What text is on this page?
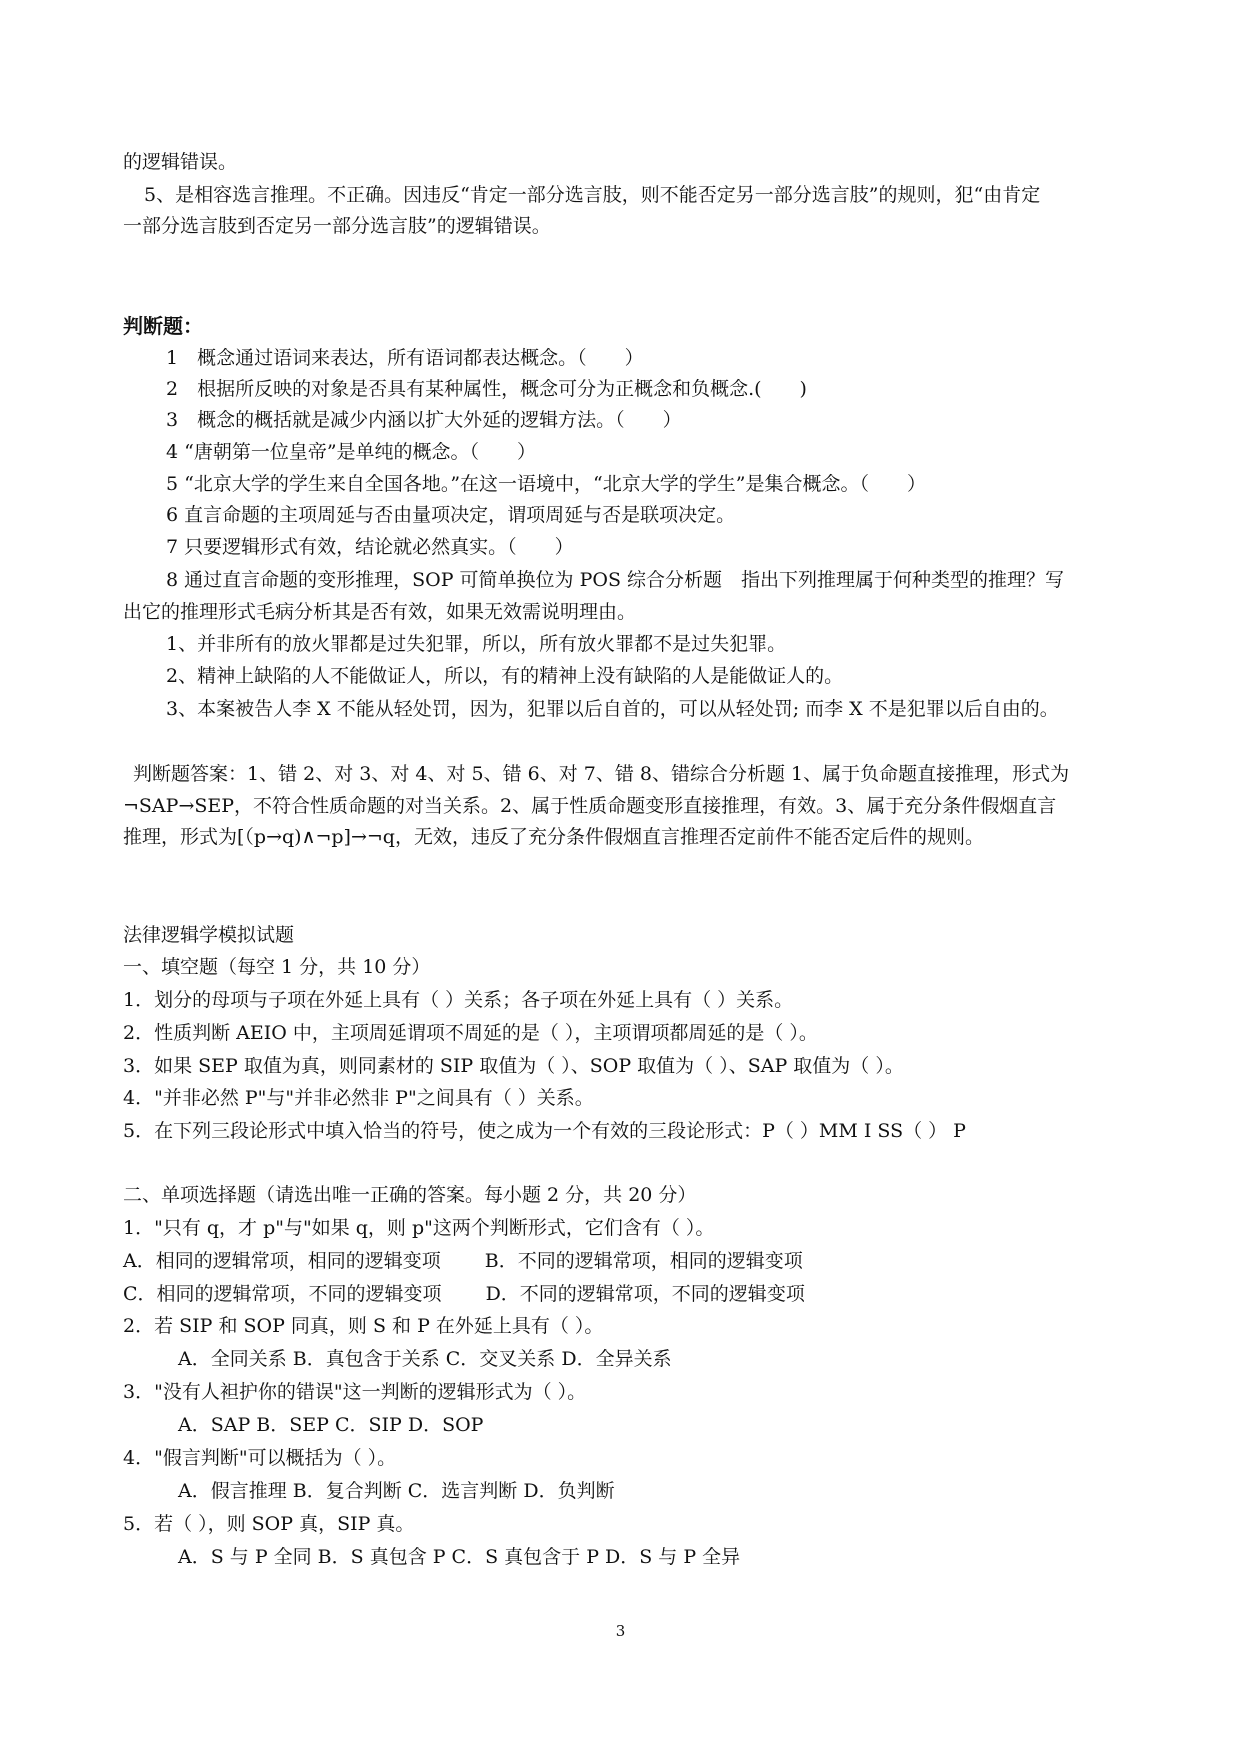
的逻辑错误。
5、是相容选言推理。不正确。因违反“肯定一部分选言肢，则不能否定另一部分选言肢”的规则，犯“由肯定
一部分选言肢到否定另一部分选言肢”的逻辑错误。
判断题：
1　概念通过语词来表达，所有语词都表达概念。（　　）
2　根据所反映的对象是否具有某种属性，概念可分为正概念和负概念.(　　)
3　概念的概括就是减少内涵以扩大外延的逻辑方法。（　　）
4 “唐朝第一位皇帝”是单纯的概念。（　　）
5 “北京大学的学生来自全国各地。”在这一语境中，“北京大学的学生”是集合概念。（　　）
6 直言命题的主项周延与否由量项决定，谓项周延与否是联项决定。
7 只要逻辑形式有效，结论就必然真实。（　　）
8 通过直言命题的变形推理，SOP 可简单换位为 POS 综合分析题　指出下列推理属于何种类型的推理？写
出它的推理形式毛病分析其是否有效，如果无效需说明理由。
1、并非所有的放火罪都是过失犯罪，所以，所有放火罪都不是过失犯罪。
2、精神上缺陷的人不能做证人，所以，有的精神上没有缺陷的人是能做证人的。
3、本案被告人李 X 不能从轻处罚，因为，犯罪以后自首的，可以从轻处罚; 而李 X 不是犯罪以后自由的。
判断题答案：1、错 2、对 3、对 4、对 5、错 6、对 7、错 8、错综合分析题 1、属于负命题直接推理，形式为
¬SAP→SEP，不符合性质命题的对当关系。2、属于性质命题变形直接推理，有效。3、属于充分条件假烟直言
推理，形式为[（p→q)∧¬p]→¬q，无效，违反了充分条件假烟直言推理否定前件不能否定后件的规则。
法律逻辑学模拟试题
一、填空题（每空 1 分，共 10 分）
1．划分的母项与子项在外延上具有（ ）关系；各子项在外延上具有（ ）关系。
2．性质判断 AEIO 中，主项周延谓项不周延的是（ ），主项谓项都周延的是（ ）。
3．如果 SEP 取值为真，则同素材的 SIP 取值为（ ）、SOP 取值为（ ）、SAP 取值为（ ）。
4．"并非必然 P"与"并非必然非 P"之间具有（ ）关系。
5．在下列三段论形式中填入恰当的符号，使之成为一个有效的三段论形式：P（ ）MM I SS（ ） P
二、单项选择题（请选出唯一正确的答案。每小题 2 分，共 20 分）
1．"只有 q，才 p"与"如果 q，则 p"这两个判断形式，它们含有（ ）。
A．相同的逻辑常项，相同的逻辑变项　　 B．不同的逻辑常项，相同的逻辑变项
C．相同的逻辑常项，不同的逻辑变项　　 D．不同的逻辑常项，不同的逻辑变项
2．若 SIP 和 SOP 同真，则 S 和 P 在外延上具有（ ）。
A．全同关系 B．真包含于关系 C．交叉关系 D．全异关系
3．"没有人袒护你的错误"这一判断的逻辑形式为（ ）。
A．SAP B．SEP C．SIP D．SOP
4．"假言判断"可以概括为（ ）。
A．假言推理 B．复合判断 C．选言判断 D．负判断
5．若（ ），则 SOP 真，SIP 真。
A．S 与 P 全同 B．S 真包含 P C．S 真包含于 P D．S 与 P 全异
3
